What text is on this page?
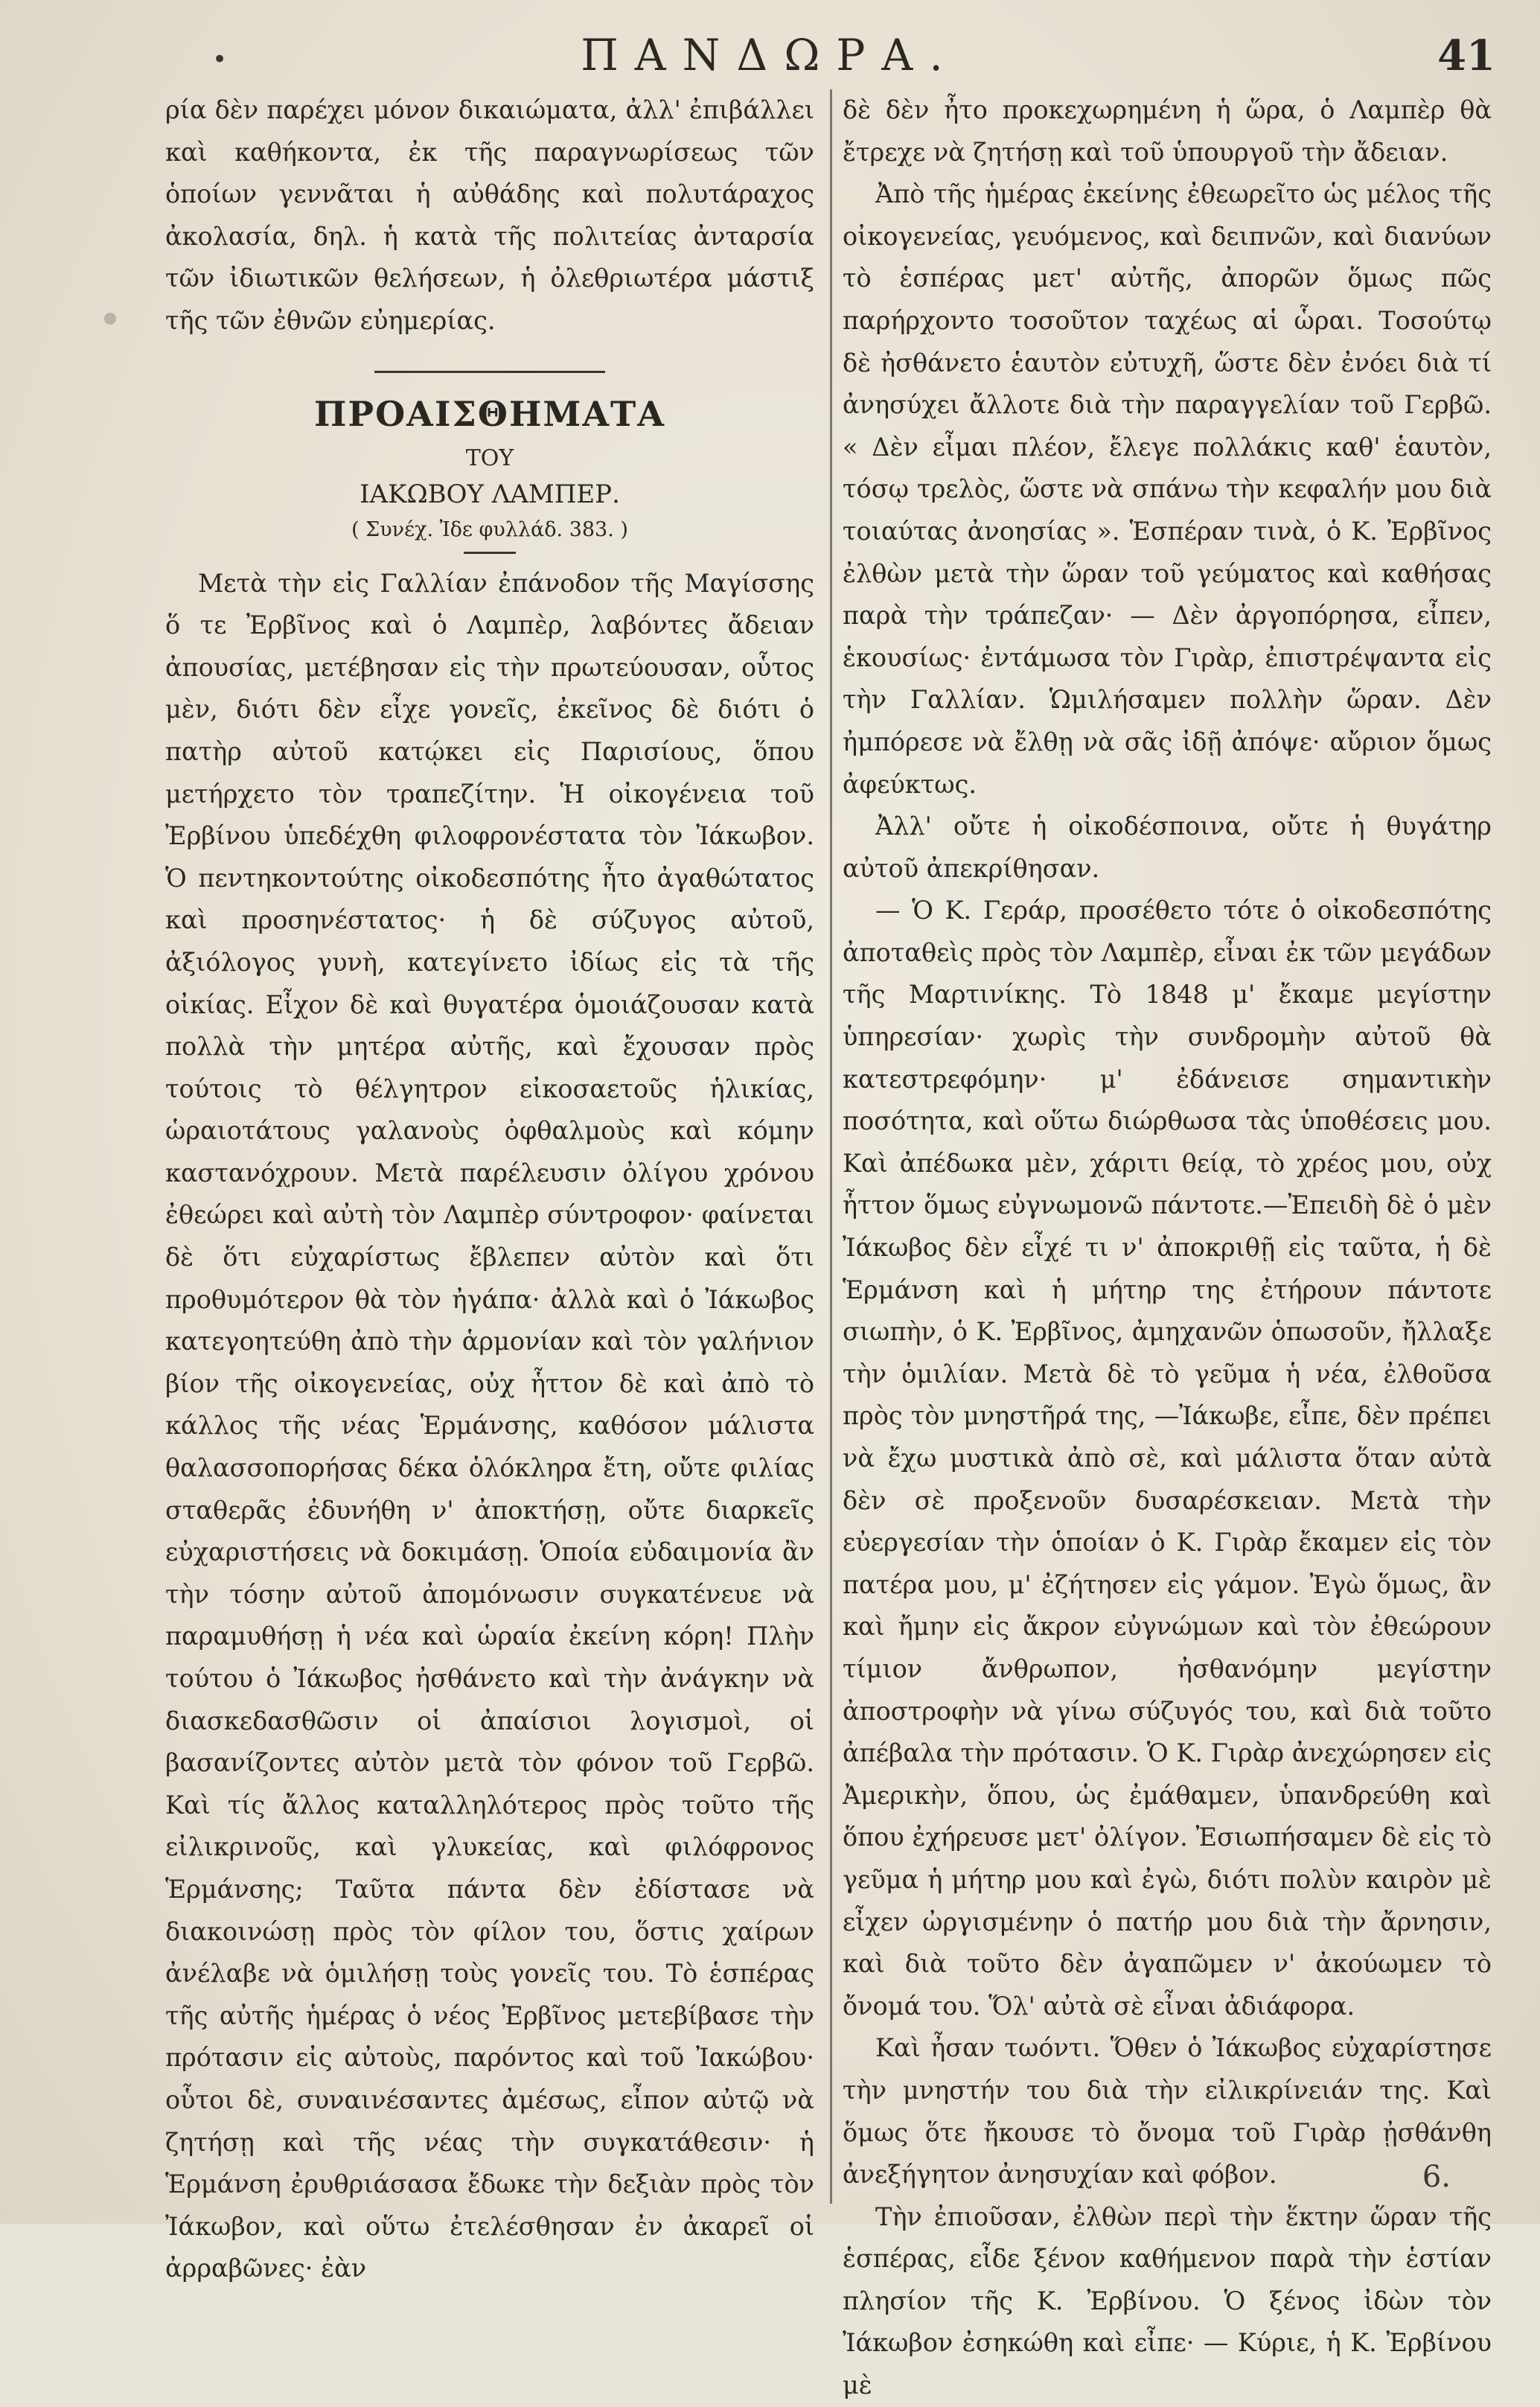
•	ΠΑΝΔΩΡΑ.	41

ρία δὲν παρέχει μόνον δικαιώματα, ἀλλ' ἐπιβάλλει καὶ καθήκοντα, ἐκ τῆς παραγνωρίσεως τῶν ὁποίων γεννᾶται ἡ αὐθάδης καὶ πολυτάραχος ἀκολασία, δηλ. ἡ κατὰ τῆς πολιτείας ἀνταρσία τῶν ἰδιωτικῶν θελήσεων, ἡ ὀλεθριωτέρα μάστιξ τῆς τῶν ἐθνῶν εὐημερίας.

ΠΡΟΑΙΣΘΗΜΑΤΑ
ΤΟΥ
ΙΑΚΩΒΟΥ ΛΑΜΠΕΡ.
( Συνέχ. Ἰδε φυλλάδ. 383. )

Μετὰ τὴν εἰς Γαλλίαν ἐπάνοδον τῆς Μαγίσσης ὅ τε Ἐρβῖνος καὶ ὁ Λαμπὲρ, λαβόντες ἄδειαν ἀπουσίας, μετέβησαν εἰς τὴν πρωτεύουσαν, οὗτος μὲν, διότι δὲν εἶχε γονεῖς, ἐκεῖνος δὲ διότι ὁ πατὴρ αὐτοῦ κατῴκει εἰς Παρισίους, ὅπου μετήρχετο τὸν τραπεζίτην. Ἡ οἰκογένεια τοῦ Ἐρβίνου ὑπεδέχθη φιλοφρονέστατα τὸν Ἰάκωβον. Ὁ πεντηκοντούτης οἰκοδεσπότης ἦτο ἀγαθώτατος καὶ προσηνέστατος· ἡ δὲ σύζυγος αὐτοῦ, ἀξιόλογος γυνὴ, κατεγίνετο ἰδίως εἰς τὰ τῆς οἰκίας. Εἶχον δὲ καὶ θυγατέρα ὁμοιάζουσαν κατὰ πολλὰ τὴν μητέρα αὐτῆς, καὶ ἔχουσαν πρὸς τούτοις τὸ θέλγητρον εἰκοσαετοῦς ἡλικίας, ὡραιοτάτους γαλανοὺς ὀφθαλμοὺς καὶ κόμην καστανόχρουν. Μετὰ παρέλευσιν ὀλίγου χρόνου ἐθεώρει καὶ αὐτὴ τὸν Λαμπὲρ σύντροφον· φαίνεται δὲ ὅτι εὐχαρίστως ἔβλεπεν αὐτὸν καὶ ὅτι προθυμότερον θὰ τὸν ἠγάπα· ἀλλὰ καὶ ὁ Ἰάκωβος κατεγοητεύθη ἀπὸ τὴν ἁρμονίαν καὶ τὸν γαλήνιον βίον τῆς οἰκογενείας, οὐχ ἧττον δὲ καὶ ἀπὸ τὸ κάλλος τῆς νέας Ἑρμάνσης, καθόσον μάλιστα θαλασσοπορήσας δέκα ὁλόκληρα ἔτη, οὔτε φιλίας σταθερᾶς ἐδυνήθη ν' ἀποκτήσῃ, οὔτε διαρκεῖς εὐχαριστήσεις νὰ δοκιμάσῃ. Ὁποία εὐδαιμονία ἂν τὴν τόσην αὐτοῦ ἀπομόνωσιν συγκατένευε νὰ παραμυθήσῃ ἡ νέα καὶ ὡραία ἐκείνη κόρη! Πλὴν τούτου ὁ Ἰάκωβος ἠσθάνετο καὶ τὴν ἀνάγκην νὰ διασκεδασθῶσιν οἱ ἀπαίσιοι λογισμοὶ, οἱ βασανίζοντες αὐτὸν μετὰ τὸν φόνον τοῦ Γερβῶ. Καὶ τίς ἄλλος καταλληλότερος πρὸς τοῦτο τῆς εἰλικρινοῦς, καὶ γλυκείας, καὶ φιλόφρονος Ἑρμάνσης; Ταῦτα πάντα δὲν ἐδίστασε νὰ διακοινώσῃ πρὸς τὸν φίλον του, ὅστις χαίρων ἀνέλαβε νὰ ὁμιλήσῃ τοὺς γονεῖς του. Τὸ ἑσπέρας τῆς αὐτῆς ἡμέρας ὁ νέος Ἐρβῖνος μετεβίβασε τὴν πρότασιν εἰς αὐτοὺς, παρόντος καὶ τοῦ Ἰακώβου· οὗτοι δὲ, συναινέσαντες ἀμέσως, εἶπον αὐτῷ νὰ ζητήσῃ καὶ τῆς νέας τὴν συγκατάθεσιν· ἡ Ἑρμάνση ἐρυθριάσασα ἔδωκε τὴν δεξιὰν πρὸς τὸν Ἰάκωβον, καὶ οὕτω ἐτελέσθησαν ἐν ἀκαρεῖ οἱ ἀρραβῶνες· ἐὰν

δὲ δὲν ἦτο προκεχωρημένη ἡ ὥρα, ὁ Λαμπὲρ θὰ ἔτρεχε νὰ ζητήσῃ καὶ τοῦ ὑπουργοῦ τὴν ἄδειαν.

Ἀπὸ τῆς ἡμέρας ἐκείνης ἐθεωρεῖτο ὡς μέλος τῆς οἰκογενείας, γευόμενος, καὶ δειπνῶν, καὶ διανύων τὸ ἑσπέρας μετ' αὐτῆς, ἀπορῶν ὅμως πῶς παρήρχοντο τοσοῦτον ταχέως αἱ ὧραι. Τοσούτῳ δὲ ἠσθάνετο ἑαυτὸν εὐτυχῆ, ὥστε δὲν ἐνόει διὰ τί ἀνησύχει ἄλλοτε διὰ τὴν παραγγελίαν τοῦ Γερβῶ. « Δὲν εἶμαι πλέον, ἔλεγε πολλάκις καθ' ἑαυτὸν, τόσῳ τρελὸς, ὥστε νὰ σπάνω τὴν κεφαλήν μου διὰ τοιαύτας ἀνοησίας ». Ἑσπέραν τινὰ, ὁ Κ. Ἐρβῖνος ἐλθὼν μετὰ τὴν ὥραν τοῦ γεύματος καὶ καθήσας παρὰ τὴν τράπεζαν· — Δὲν ἀργοπόρησα, εἶπεν, ἑκουσίως· ἐντάμωσα τὸν Γιρὰρ, ἐπιστρέψαντα εἰς τὴν Γαλλίαν. Ὡμιλήσαμεν πολλὴν ὥραν. Δὲν ἠμπόρεσε νὰ ἔλθῃ νὰ σᾶς ἰδῇ ἀπόψε· αὔριον ὅμως ἀφεύκτως.

Ἀλλ' οὔτε ἡ οἰκοδέσποινα, οὔτε ἡ θυγάτηρ αὐτοῦ ἀπεκρίθησαν.

— Ὁ Κ. Γεράρ, προσέθετο τότε ὁ οἰκοδεσπότης ἀποταθεὶς πρὸς τὸν Λαμπὲρ, εἶναι ἐκ τῶν μεγάδων τῆς Μαρτινίκης. Τὸ 1848 μ' ἔκαμε μεγίστην ὑπηρεσίαν· χωρὶς τὴν συνδρομὴν αὐτοῦ θὰ κατεστρεφόμην· μ' ἐδάνεισε σημαντικὴν ποσότητα, καὶ οὕτω διώρθωσα τὰς ὑποθέσεις μου. Καὶ ἀπέδωκα μὲν, χάριτι θείᾳ, τὸ χρέος μου, οὐχ ἧττον ὅμως εὐγνωμονῶ πάντοτε.—Ἐπειδὴ δὲ ὁ μὲν Ἰάκωβος δὲν εἶχέ τι ν' ἀποκριθῇ εἰς ταῦτα, ἡ δὲ Ἑρμάνση καὶ ἡ μήτηρ της ἐτήρουν πάντοτε σιωπὴν, ὁ Κ. Ἐρβῖνος, ἀμηχανῶν ὁπωσοῦν, ἤλλαξε τὴν ὁμιλίαν. Μετὰ δὲ τὸ γεῦμα ἡ νέα, ἐλθοῦσα πρὸς τὸν μνηστῆρά της, —Ἰάκωβε, εἶπε, δὲν πρέπει νὰ ἔχω μυστικὰ ἀπὸ σὲ, καὶ μάλιστα ὅταν αὐτὰ δὲν σὲ προξενοῦν δυσαρέσκειαν. Μετὰ τὴν εὐεργεσίαν τὴν ὁποίαν ὁ Κ. Γιρὰρ ἔκαμεν εἰς τὸν πατέρα μου, μ' ἐζήτησεν εἰς γάμον. Ἐγὼ ὅμως, ἂν καὶ ἤμην εἰς ἄκρον εὐγνώμων καὶ τὸν ἐθεώρουν τίμιον ἄνθρωπον, ἠσθανόμην μεγίστην ἀποστροφὴν νὰ γίνω σύζυγός του, καὶ διὰ τοῦτο ἀπέβαλα τὴν πρότασιν. Ὁ Κ. Γιρὰρ ἀνεχώρησεν εἰς Ἀμερικὴν, ὅπου, ὡς ἐμάθαμεν, ὑπανδρεύθη καὶ ὅπου ἐχήρευσε μετ' ὀλίγον. Ἐσιωπήσαμεν δὲ εἰς τὸ γεῦμα ἡ μήτηρ μου καὶ ἐγὼ, διότι πολὺν καιρὸν μὲ εἶχεν ὠργισμένην ὁ πατήρ μου διὰ τὴν ἄρνησιν, καὶ διὰ τοῦτο δὲν ἀγαπῶμεν ν' ἀκούωμεν τὸ ὄνομά του. Ὅλ' αὐτὰ σὲ εἶναι ἀδιάφορα.

Καὶ ἦσαν τωόντι. Ὅθεν ὁ Ἰάκωβος εὐχαρίστησε τὴν μνηστήν του διὰ τὴν εἰλικρίνειάν της. Καὶ ὅμως ὅτε ἤκουσε τὸ ὄνομα τοῦ Γιρὰρ ᾐσθάνθη ἀνεξήγητον ἀνησυχίαν καὶ φόβον.

Τὴν ἐπιοῦσαν, ἐλθὼν περὶ τὴν ἕκτην ὥραν τῆς ἑσπέρας, εἶδε ξένον καθήμενον παρὰ τὴν ἑστίαν πλησίον τῆς Κ. Ἐρβίνου. Ὁ ξένος ἰδὼν τὸν Ἰάκωβον ἐσηκώθη καὶ εἶπε· — Κύριε, ἡ Κ. Ἐρβίνου μὲ

6.
